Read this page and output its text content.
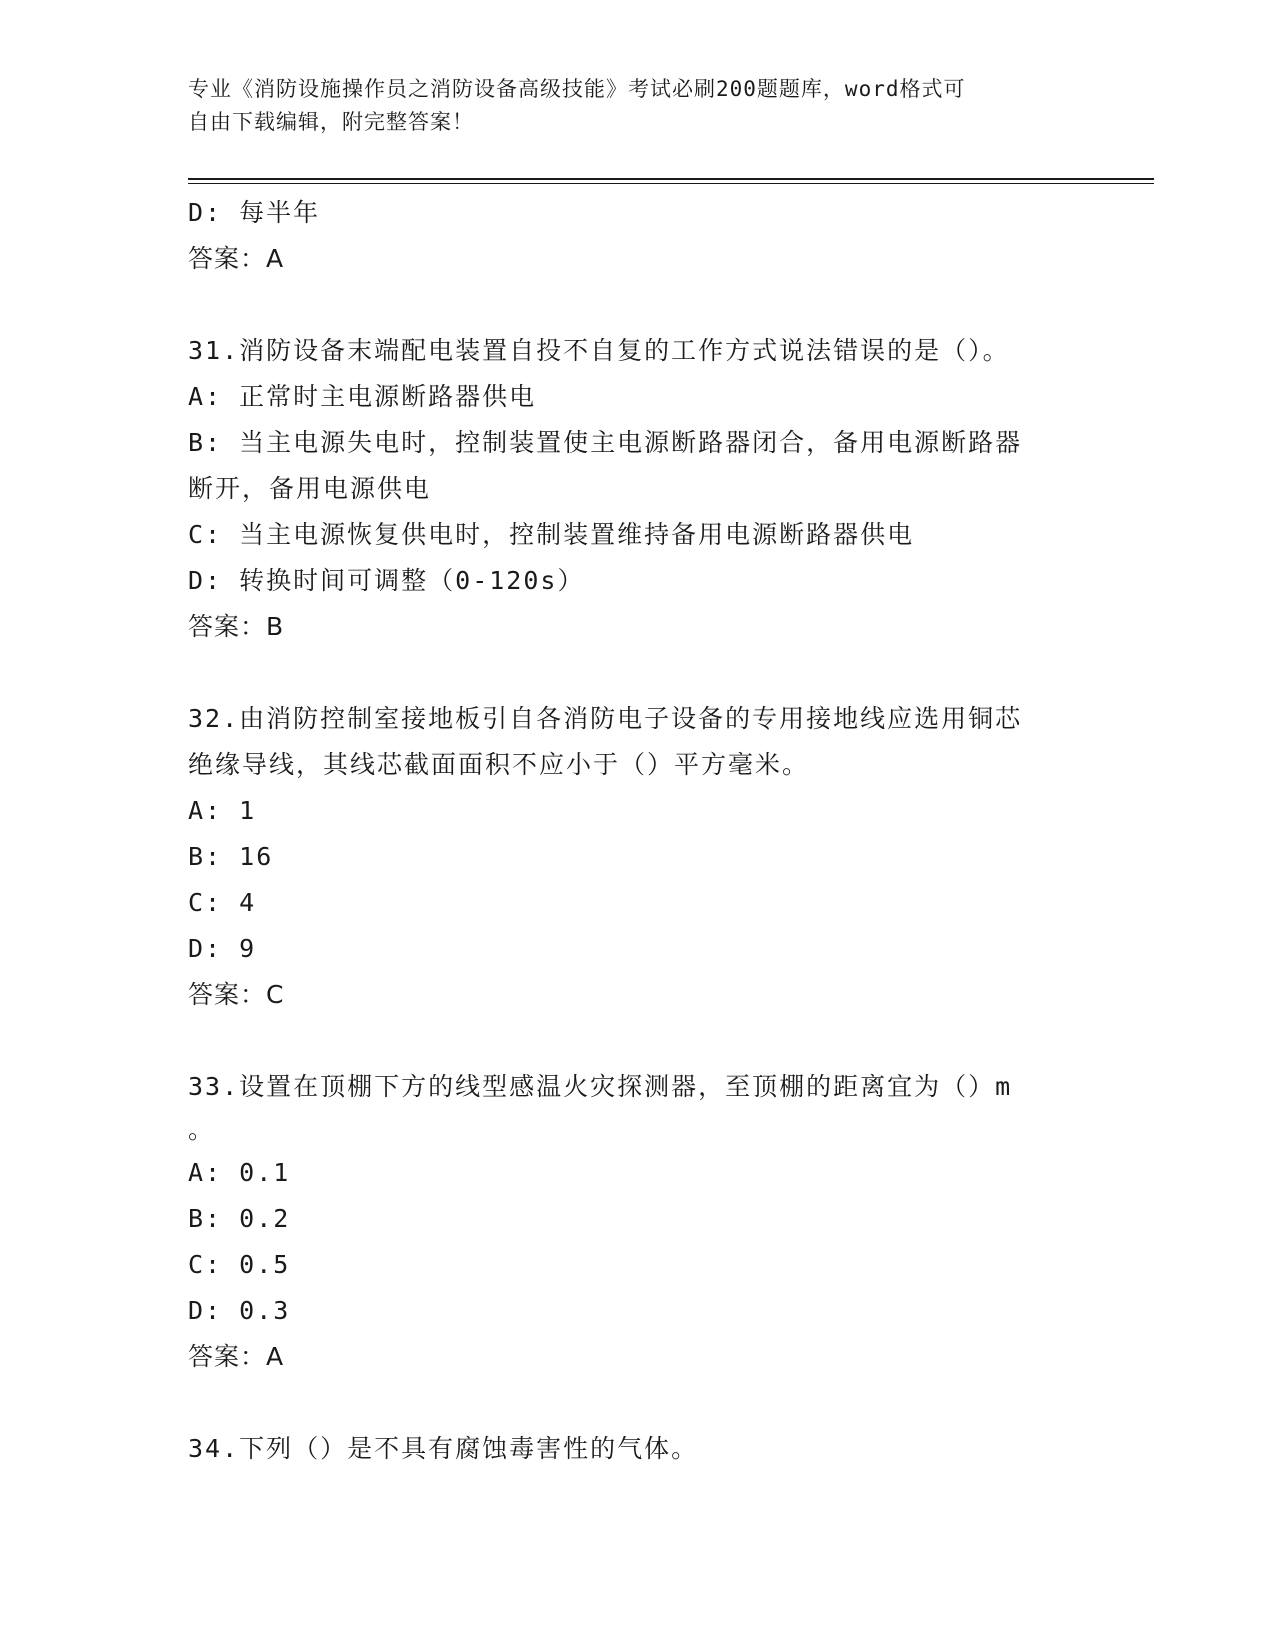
专业《消防设施操作员之消防设备高级技能》考试必刷200题题库，word格式可
自由下载编辑，附完整答案！
D: 每半年
答案：A
31.消防设备末端配电装置自投不自复的工作方式说法错误的是（）。
A: 正常时主电源断路器供电
B: 当主电源失电时，控制装置使主电源断路器闭合，备用电源断路器
断开，备用电源供电
C: 当主电源恢复供电时，控制装置维持备用电源断路器供电
D: 转换时间可调整（0-120s）
答案：B
32.由消防控制室接地板引自各消防电子设备的专用接地线应选用铜芯
绝缘导线，其线芯截面面积不应小于（）平方毫米。
A: 1
B: 16
C: 4
D: 9
答案：C
33.设置在顶棚下方的线型感温火灾探测器，至顶棚的距离宜为（）m
。
A: 0.1
B: 0.2
C: 0.5
D: 0.3
答案：A
34.下列（）是不具有腐蚀毒害性的气体。
